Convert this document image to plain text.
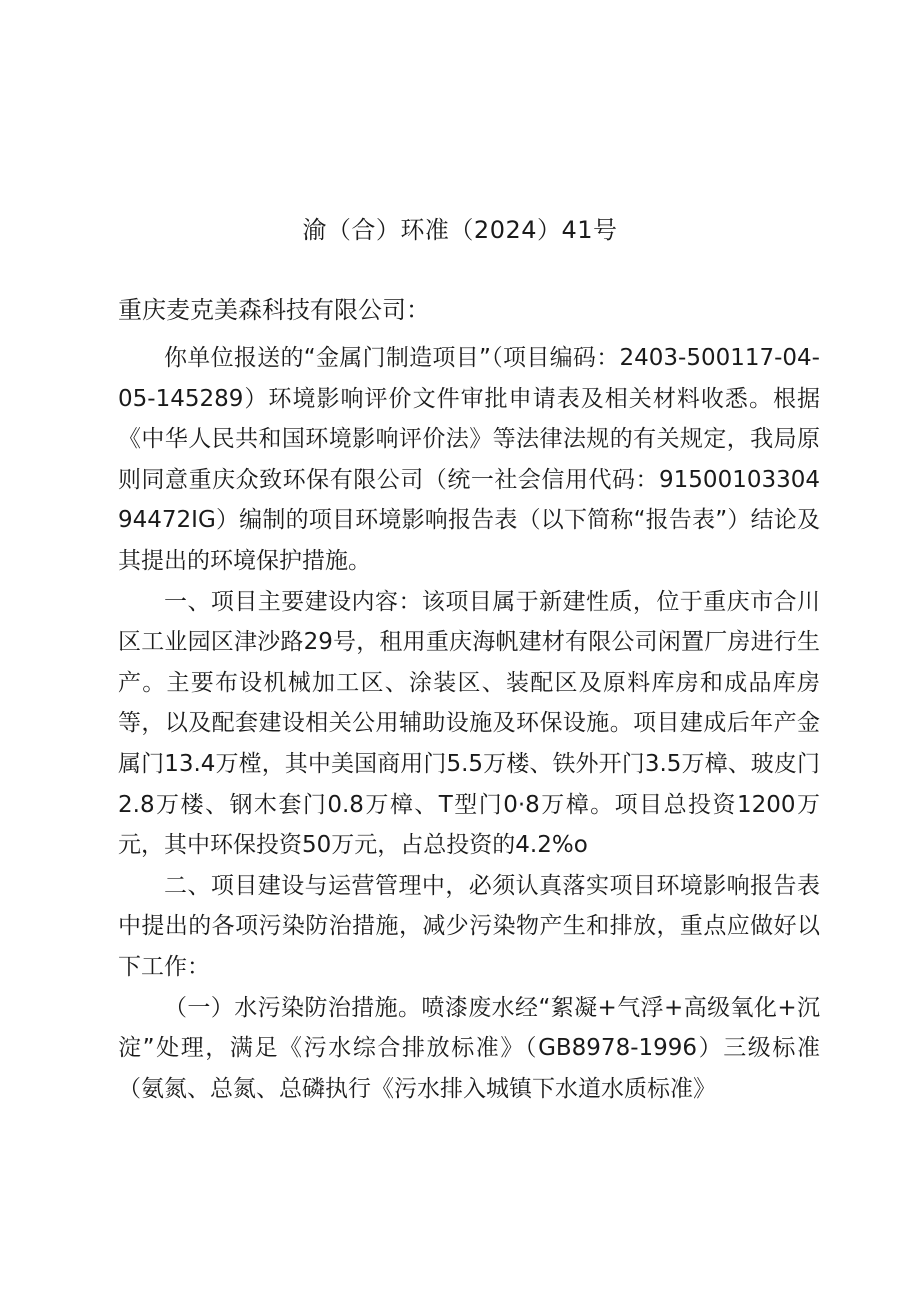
渝（合）环准（2024）41号
重庆麦克美森科技有限公司：

你单位报送的“金属门制造项目”（项目编码：2403-500117-04-05-145289）环境影响评价文件审批申请表及相关材料收悉。根据《中华人民共和国环境影响评价法》等法律法规的有关规定，我局原则同意重庆众致环保有限公司（统一社会信用代码：9150010330494472IG）编制的项目环境影响报告表（以下简称“报告表”）结论及其提出的环境保护措施。

一、项目主要建设内容：该项目属于新建性质，位于重庆市合川区工业园区津沙路29号，租用重庆海帆建材有限公司闲置厂房进行生产。主要布设机械加工区、涂装区、装配区及原料库房和成品库房等，以及配套建设相关公用辅助设施及环保设施。项目建成后年产金属门13.4万樘，其中美国商用门5.5万楼、铁外开门3.5万樟、玻皮门2.8万楼、钢木套门0.8万樟、T型门0·8万樟。项目总投资1200万元，其中环保投资50万元，占总投资的4.2%o

二、项目建设与运营管理中，必须认真落实项目环境影响报告表中提出的各项污染防治措施，减少污染物产生和排放，重点应做好以下工作：

（一）水污染防治措施。喷漆废水经“絮凝+气浮+高级氧化+沉淀”处理，满足《污水综合排放标准》（GB8978-1996）三级标准（氨氮、总氮、总磷执行《污水排入城镇下水道水质标准》
